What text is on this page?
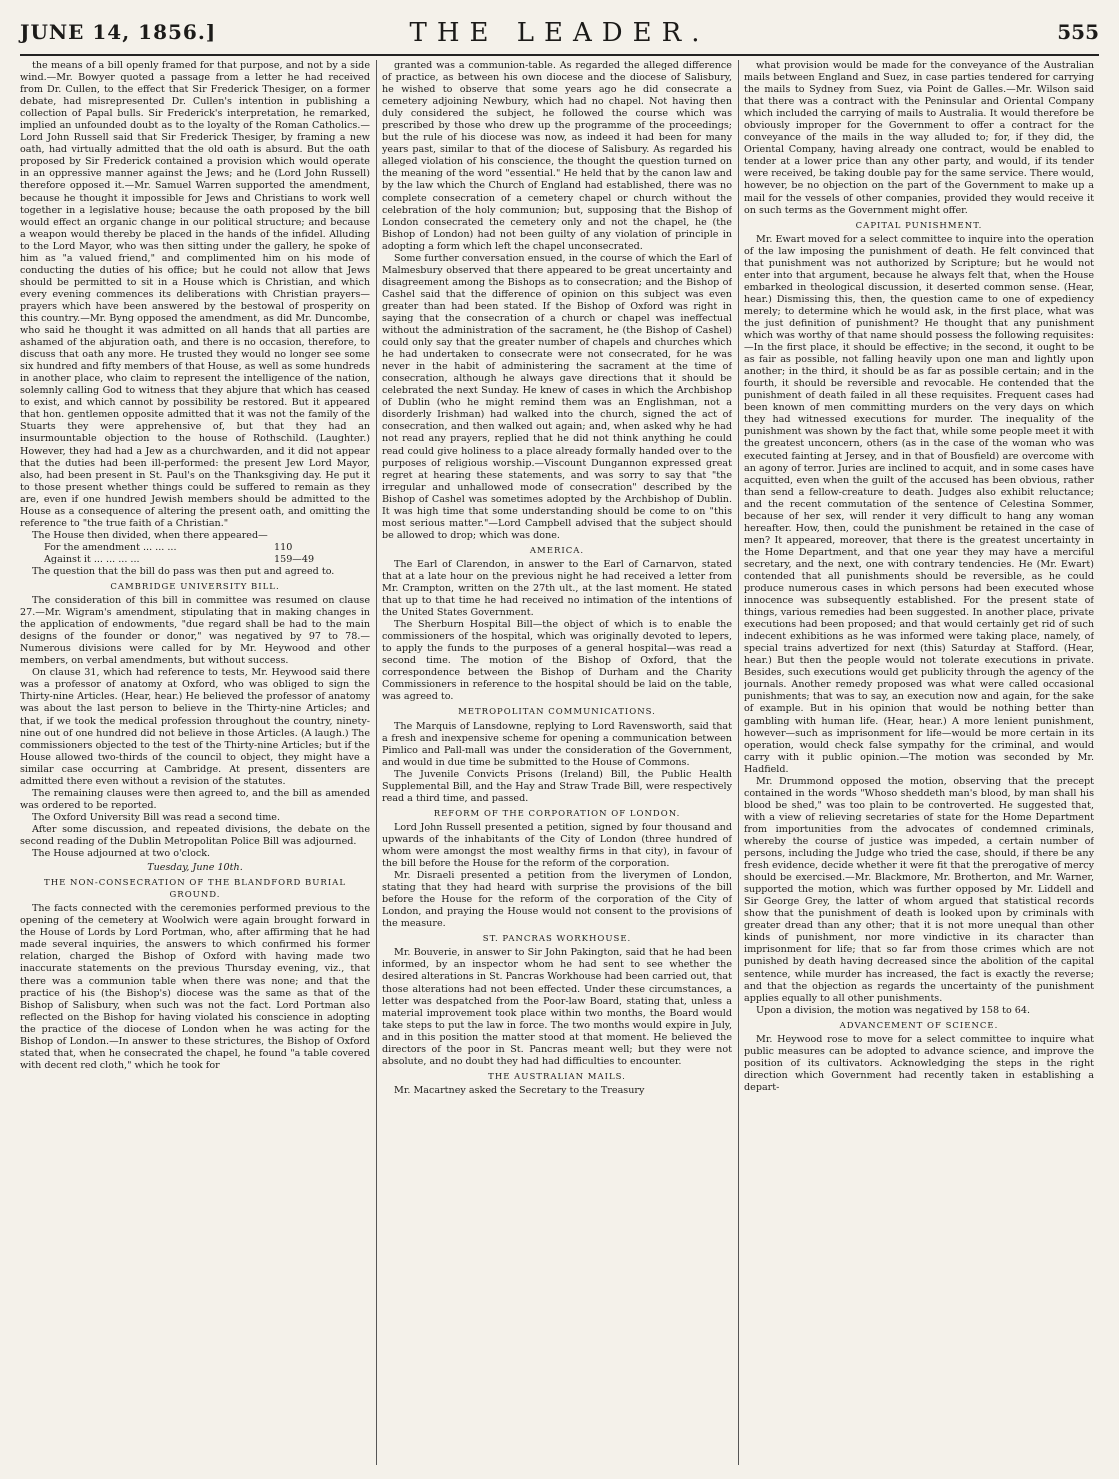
JUNE 14, 1856.]	THE LEADER.	555

the means of a bill openly framed for that purpose, and not by a side wind.—Mr. Bowyer quoted a passage from a letter he had received from Dr. Cullen, to the effect that Sir Frederick Thesiger, on a former debate, had misrepresented Dr. Cullen's intention in publishing a collection of Papal bulls. Sir Frederick's interpretation, he remarked, implied an unfounded doubt as to the loyalty of the Roman Catholics.—Lord John Russell said that Sir Frederick Thesiger, by framing a new oath, had virtually admitted that the old oath is absurd. But the oath proposed by Sir Frederick contained a provision which would operate in an oppressive manner against the Jews; and he (Lord John Russell) therefore opposed it.—Mr. Samuel Warren supported the amendment, because he thought it impossible for Jews and Christians to work well together in a legislative house; because the oath proposed by the bill would effect an organic change in our political structure; and because a weapon would thereby be placed in the hands of the infidel. Alluding to the Lord Mayor, who was then sitting under the gallery, he spoke of him as "a valued friend," and complimented him on his mode of conducting the duties of his office; but he could not allow that Jews should be permitted to sit in a House which is Christian, and which every evening commences its deliberations with Christian prayers—prayers which have been answered by the bestowal of prosperity on this country.—Mr. Byng opposed the amendment, as did Mr. Duncombe, who said he thought it was admitted on all hands that all parties are ashamed of the abjuration oath, and there is no occasion, therefore, to discuss that oath any more. He trusted they would no longer see some six hundred and fifty members of that House, as well as some hundreds in another place, who claim to represent the intelligence of the nation, solemnly calling God to witness that they abjure that which has ceased to exist, and which cannot by possibility be restored. But it appeared that hon. gentlemen opposite admitted that it was not the family of the Stuarts they were apprehensive of, but that they had an insurmountable objection to the house of Rothschild. (Laughter.) However, they had had a Jew as a churchwarden, and it did not appear that the duties had been ill-performed: the present Jew Lord Mayor, also, had been present in St. Paul's on the Thanksgiving day. He put it to those present whether things could be suffered to remain as they are, even if one hundred Jewish members should be admitted to the House as a consequence of altering the present oath, and omitting the reference to "the true faith of a Christian."

The House then divided, when there appeared—

For the amendment ... ... ...	110
Against it ... ... ... ...	159—49

The question that the bill do pass was then put and agreed to.

CAMBRIDGE UNIVERSITY BILL.

The consideration of this bill in committee was resumed on clause 27.—Mr. Wigram's amendment, stipulating that in making changes in the application of endowments, "due regard shall be had to the main designs of the founder or donor," was negatived by 97 to 78.—Numerous divisions were called for by Mr. Heywood and other members, on verbal amendments, but without success.

On clause 31, which had reference to tests, Mr. Heywood said there was a professor of anatomy at Oxford, who was obliged to sign the Thirty-nine Articles. (Hear, hear.) He believed the professor of anatomy was about the last person to believe in the Thirty-nine Articles; and that, if we took the medical profession throughout the country, ninety-nine out of one hundred did not believe in those Articles. (A laugh.) The commissioners objected to the test of the Thirty-nine Articles; but if the House allowed two-thirds of the council to object, they might have a similar case occurring at Cambridge. At present, dissenters are admitted there even without a revision of the statutes.

The remaining clauses were then agreed to, and the bill as amended was ordered to be reported.

The Oxford University Bill was read a second time.

After some discussion, and repeated divisions, the debate on the second reading of the Dublin Metropolitan Police Bill was adjourned.

The House adjourned at two o'clock.

Tuesday, June 10th.

THE NON-CONSECRATION OF THE BLANDFORD BURIAL GROUND.

The facts connected with the ceremonies performed previous to the opening of the cemetery at Woolwich were again brought forward in the House of Lords by Lord Portman, who, after affirming that he had made several inquiries, the answers to which confirmed his former relation, charged the Bishop of Oxford with having made two inaccurate statements on the previous Thursday evening, viz., that there was a communion table when there was none; and that the practice of his (the Bishop's) diocese was the same as that of the Bishop of Salisbury, when such was not the fact. Lord Portman also reflected on the Bishop for having violated his conscience in adopting the practice of the diocese of London when he was acting for the Bishop of London.—In answer to these strictures, the Bishop of Oxford stated that, when he consecrated the chapel, he found "a table covered with decent red cloth," which he took for

granted was a communion-table. As regarded the alleged difference of practice, as between his own diocese and the diocese of Salisbury, he wished to observe that some years ago he did consecrate a cemetery adjoining Newbury, which had no chapel. Not having then duly considered the subject, he followed the course which was prescribed by those who drew up the programme of the proceedings; but the rule of his diocese was now, as indeed it had been for many years past, similar to that of the diocese of Salisbury. As regarded his alleged violation of his conscience, the thought the question turned on the meaning of the word "essential." He held that by the canon law and by the law which the Church of England had established, there was no complete consecration of a cemetery chapel or church without the celebration of the holy communion; but, supposing that the Bishop of London consecrated the cemetery only and not the chapel, he (the Bishop of London) had not been guilty of any violation of principle in adopting a form which left the chapel unconsecrated.

Some further conversation ensued, in the course of which the Earl of Malmesbury observed that there appeared to be great uncertainty and disagreement among the Bishops as to consecration; and the Bishop of Cashel said that the difference of opinion on this subject was even greater than had been stated. If the Bishop of Oxford was right in saying that the consecration of a church or chapel was ineffectual without the administration of the sacrament, he (the Bishop of Cashel) could only say that the greater number of chapels and churches which he had undertaken to consecrate were not consecrated, for he was never in the habit of administering the sacrament at the time of consecration, although he always gave directions that it should be celebrated the next Sunday. He knew of cases in which the Archbishop of Dublin (who he might remind them was an Englishman, not a disorderly Irishman) had walked into the church, signed the act of consecration, and then walked out again; and, when asked why he had not read any prayers, replied that he did not think anything he could read could give holiness to a place already formally handed over to the purposes of religious worship.—Viscount Dungannon expressed great regret at hearing these statements, and was sorry to say that "the irregular and unhallowed mode of consecration" described by the Bishop of Cashel was sometimes adopted by the Archbishop of Dublin. It was high time that some understanding should be come to on "this most serious matter."—Lord Campbell advised that the subject should be allowed to drop; which was done.

AMERICA.

The Earl of Clarendon, in answer to the Earl of Carnarvon, stated that at a late hour on the previous night he had received a letter from Mr. Crampton, written on the 27th ult., at the last moment. He stated that up to that time he had received no intimation of the intentions of the United States Government.

The Sherburn Hospital Bill—the object of which is to enable the commissioners of the hospital, which was originally devoted to lepers, to apply the funds to the purposes of a general hospital—was read a second time. The motion of the Bishop of Oxford, that the correspondence between the Bishop of Durham and the Charity Commissioners in reference to the hospital should be laid on the table, was agreed to.

METROPOLITAN COMMUNICATIONS.

The Marquis of Lansdowne, replying to Lord Ravensworth, said that a fresh and inexpensive scheme for opening a communication between Pimlico and Pall-mall was under the consideration of the Government, and would in due time be submitted to the House of Commons.

The Juvenile Convicts Prisons (Ireland) Bill, the Public Health Supplemental Bill, and the Hay and Straw Trade Bill, were respectively read a third time, and passed.

REFORM OF THE CORPORATION OF LONDON.

Lord John Russell presented a petition, signed by four thousand and upwards of the inhabitants of the City of London (three hundred of whom were amongst the most wealthy firms in that city), in favour of the bill before the House for the reform of the corporation.

Mr. Disraeli presented a petition from the liverymen of London, stating that they had heard with surprise the provisions of the bill before the House for the reform of the corporation of the City of London, and praying the House would not consent to the provisions of the measure.

ST. PANCRAS WORKHOUSE.

Mr. Bouverie, in answer to Sir John Pakington, said that he had been informed, by an inspector whom he had sent to see whether the desired alterations in St. Pancras Workhouse had been carried out, that those alterations had not been effected. Under these circumstances, a letter was despatched from the Poor-law Board, stating that, unless a material improvement took place within two months, the Board would take steps to put the law in force. The two months would expire in July, and in this position the matter stood at that moment. He believed the directors of the poor in St. Pancras meant well; but they were not absolute, and no doubt they had had difficulties to encounter.

THE AUSTRALIAN MAILS.

Mr. Macartney asked the Secretary to the Treasury

what provision would be made for the conveyance of the Australian mails between England and Suez, in case parties tendered for carrying the mails to Sydney from Suez, via Point de Galles.—Mr. Wilson said that there was a contract with the Peninsular and Oriental Company which included the carrying of mails to Australia. It would therefore be obviously improper for the Government to offer a contract for the conveyance of the mails in the way alluded to; for, if they did, the Oriental Company, having already one contract, would be enabled to tender at a lower price than any other party, and would, if its tender were received, be taking double pay for the same service. There would, however, be no objection on the part of the Government to make up a mail for the vessels of other companies, provided they would receive it on such terms as the Government might offer.

CAPITAL PUNISHMENT.

Mr. Ewart moved for a select committee to inquire into the operation of the law imposing the punishment of death. He felt convinced that that punishment was not authorized by Scripture; but he would not enter into that argument, because he always felt that, when the House embarked in theological discussion, it deserted common sense. (Hear, hear.) Dismissing this, then, the question came to one of expediency merely; to determine which he would ask, in the first place, what was the just definition of punishment? He thought that any punishment which was worthy of that name should possess the following requisites:—In the first place, it should be effective; in the second, it ought to be as fair as possible, not falling heavily upon one man and lightly upon another; in the third, it should be as far as possible certain; and in the fourth, it should be reversible and revocable. He contended that the punishment of death failed in all these requisites. Frequent cases had been known of men committing murders on the very days on which they had witnessed executions for murder. The inequality of the punishment was shown by the fact that, while some people meet it with the greatest unconcern, others (as in the case of the woman who was executed fainting at Jersey, and in that of Bousfield) are overcome with an agony of terror. Juries are inclined to acquit, and in some cases have acquitted, even when the guilt of the accused has been obvious, rather than send a fellow-creature to death. Judges also exhibit reluctance; and the recent commutation of the sentence of Celestina Sommer, because of her sex, will render it very difficult to hang any woman hereafter. How, then, could the punishment be retained in the case of men? It appeared, moreover, that there is the greatest uncertainty in the Home Department, and that one year they may have a merciful secretary, and the next, one with contrary tendencies. He (Mr. Ewart) contended that all punishments should be reversible, as he could produce numerous cases in which persons had been executed whose innocence was subsequently established. For the present state of things, various remedies had been suggested. In another place, private executions had been proposed; and that would certainly get rid of such indecent exhibitions as he was informed were taking place, namely, of special trains advertized for next (this) Saturday at Stafford. (Hear, hear.) But then the people would not tolerate executions in private. Besides, such executions would get publicity through the agency of the journals. Another remedy proposed was what were called occasional punishments; that was to say, an execution now and again, for the sake of example. But in his opinion that would be nothing better than gambling with human life. (Hear, hear.) A more lenient punishment, however—such as imprisonment for life—would be more certain in its operation, would check false sympathy for the criminal, and would carry with it public opinion.—The motion was seconded by Mr. Hadfield.

Mr. Drummond opposed the motion, observing that the precept contained in the words "Whoso sheddeth man's blood, by man shall his blood be shed," was too plain to be controverted. He suggested that, with a view of relieving secretaries of state for the Home Department from importunities from the advocates of condemned criminals, whereby the course of justice was impeded, a certain number of persons, including the Judge who tried the case, should, if there be any fresh evidence, decide whether it were fit that the prerogative of mercy should be exercised.—Mr. Blackmore, Mr. Brotherton, and Mr. Warner, supported the motion, which was further opposed by Mr. Liddell and Sir George Grey, the latter of whom argued that statistical records show that the punishment of death is looked upon by criminals with greater dread than any other; that it is not more unequal than other kinds of punishment, nor more vindictive in its character than imprisonment for life; that so far from those crimes which are not punished by death having decreased since the abolition of the capital sentence, while murder has increased, the fact is exactly the reverse; and that the objection as regards the uncertainty of the punishment applies equally to all other punishments.

Upon a division, the motion was negatived by 158 to 64.

ADVANCEMENT OF SCIENCE.

Mr. Heywood rose to move for a select committee to inquire what public measures can be adopted to advance science, and improve the position of its cultivators. Acknowledging the steps in the right direction which Government had recently taken in establishing a depart-
